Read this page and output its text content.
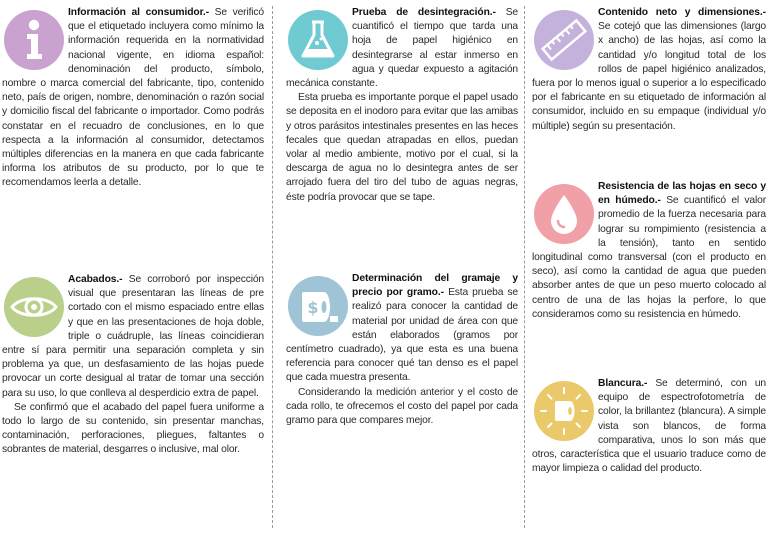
Información al consumidor.- Se verificó que el etiquetado incluyera como mínimo la información requerida en la normatividad nacional vigente, en idioma español: denominación del producto, símbolo, nombre o marca comercial del fabricante, tipo, contenido neto, país de origen, nombre, denominación o razón social y domicilio fiscal del fabricante o importador. Como podrás constatar en el recuadro de conclusiones, en lo que respecta a la información al consumidor, detectamos múltiples diferencias en la manera en que cada fabricante informa los atributos de su producto, por lo que te recomendamos leerla a detalle.

Acabados.- Se corroboró por inspección visual que presentaran las líneas de pre cortado con el mismo espaciado entre ellas y que en las presentaciones de hoja doble, triple o cuádruple, las líneas coincidieran entre sí para permitir una separación completa y sin problema ya que, un desfasamiento de las hojas puede provocar un corte desigual al tratar de tomar una sección para su uso, lo que conlleva al desperdicio extra de papel.

Se confirmó que el acabado del papel fuera uniforme a todo lo largo de su contenido, sin presentar manchas, contaminación, perforaciones, pliegues, faltantes o sobrantes de material, desgarres o inclusive, mal olor.

Prueba de desintegración.- Se cuantificó el tiempo que tarda una hoja de papel higiénico en desintegrarse al estar inmerso en agua y quedar expuesto a agitación mecánica constante.

Esta prueba es importante porque el papel usado se deposita en el inodoro para evitar que las amibas y otros parásitos intestinales presentes en las heces fecales que quedan atrapadas en ellos, puedan volar al medio ambiente, motivo por el cual, si la descarga de agua no lo desintegra antes de ser arrojado fuera del tiro del tubo de aguas negras, éste podría provocar que se tape.

$

Determinación del gramaje y precio por gramo.- Esta prueba se realizó para conocer la cantidad de material por unidad de área con que están elaborados (gramos por centímetro cuadrado), ya que esta es una buena referencia para conocer qué tan denso es el papel que cada muestra presenta.

Considerando la medición anterior y el costo de cada rollo, te ofrecemos el costo del papel por cada gramo para que compares mejor.

Contenido neto y dimensiones.- Se cotejó que las dimensiones (largo x ancho) de las hojas, así como la cantidad y/o longitud total de los rollos de papel higiénico analizados, fuera por lo menos igual o superior a lo especificado por el fabricante en su etiquetado de información al consumidor, incluido en su empaque (individual y/o múltiple) según su presentación.

Resistencia de las hojas en seco y en húmedo.- Se cuantificó el valor promedio de la fuerza necesaria para lograr su rompimiento (resistencia a la tensión), tanto en sentido longitudinal como transversal (con el producto en seco), así como la cantidad de agua que pueden absorber antes de que un peso muerto colocado al centro de una de las hojas la perfore, lo que consideramos como su resistencia en húmedo.

Blancura.- Se determinó, con un equipo de espectrofotometría de color, la brillantez (blancura). A simple vista son blancos, de forma comparativa, unos lo son más que otros, característica que el usuario traduce como de mayor limpieza o calidad del producto.
